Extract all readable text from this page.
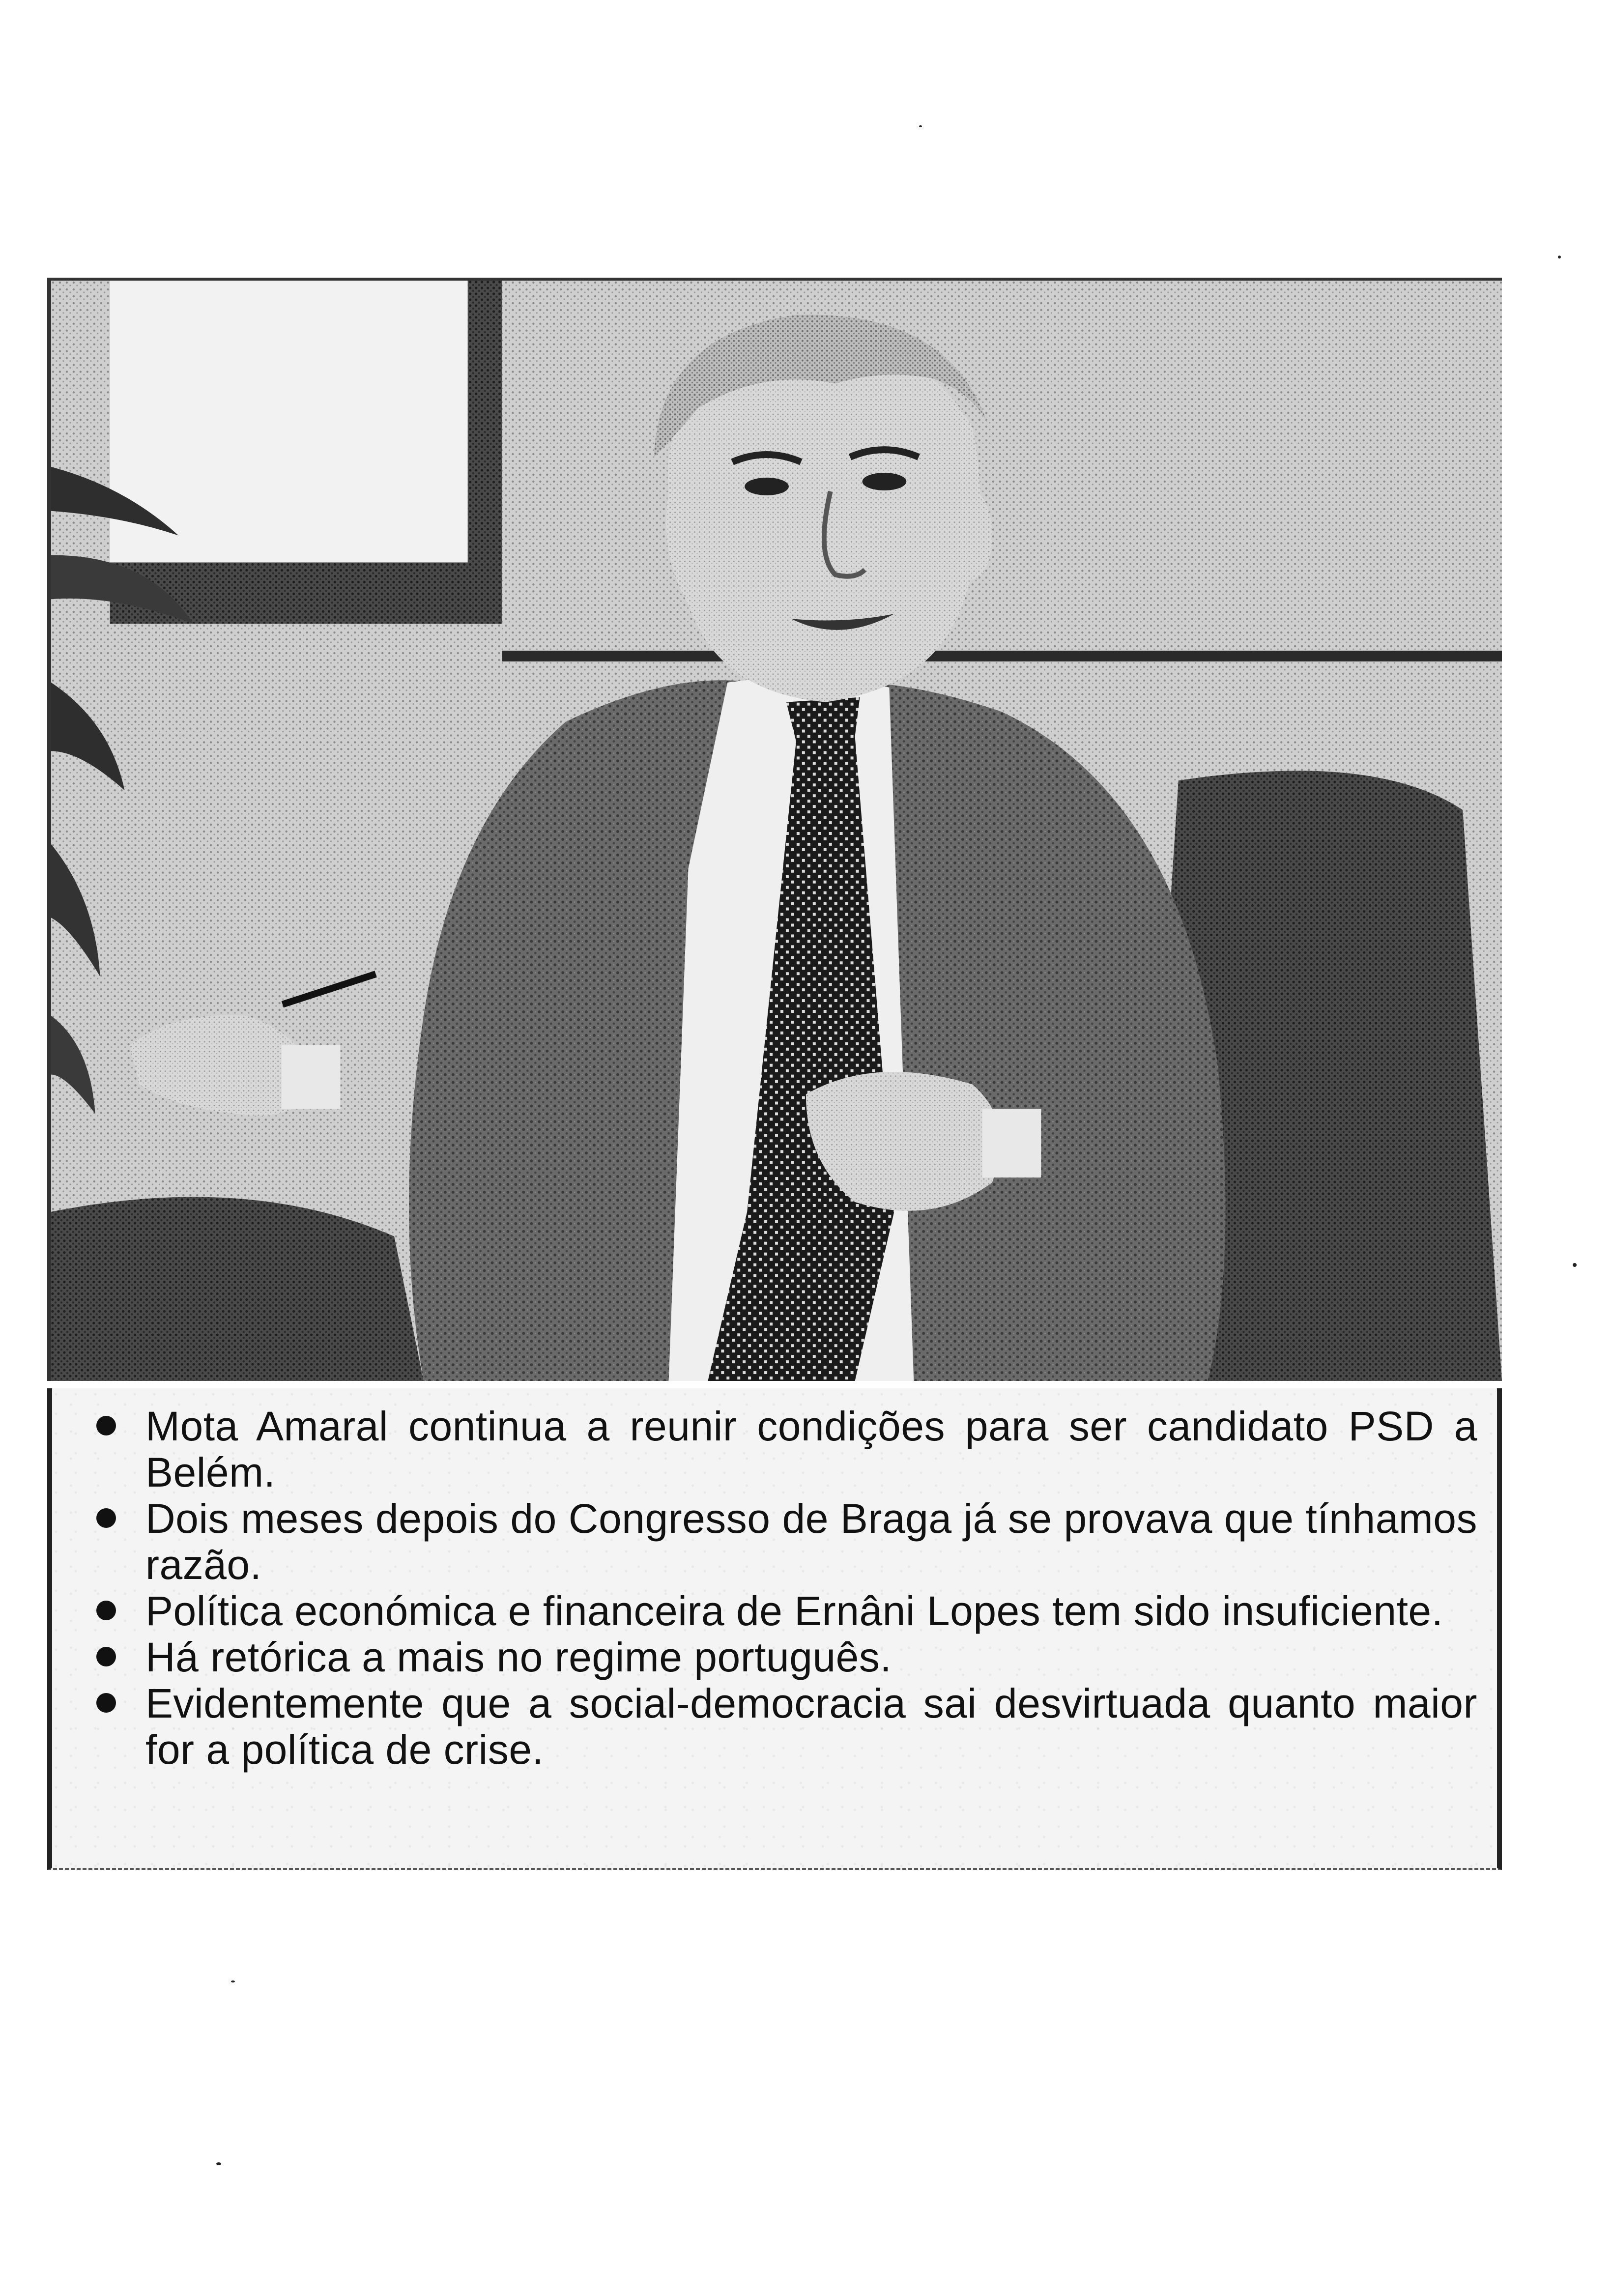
Mota Amaral continua a reunir condições para ser candidato PSD a Belém.
Dois meses depois do Congresso de Braga já se provava que tínhamos razão.
Política económica e financeira de Ernâni Lopes tem sido insuficiente.
Há retórica a mais no regime português.
Evidentemente que a social-democracia sai desvirtuada quanto maior for a política de crise.
